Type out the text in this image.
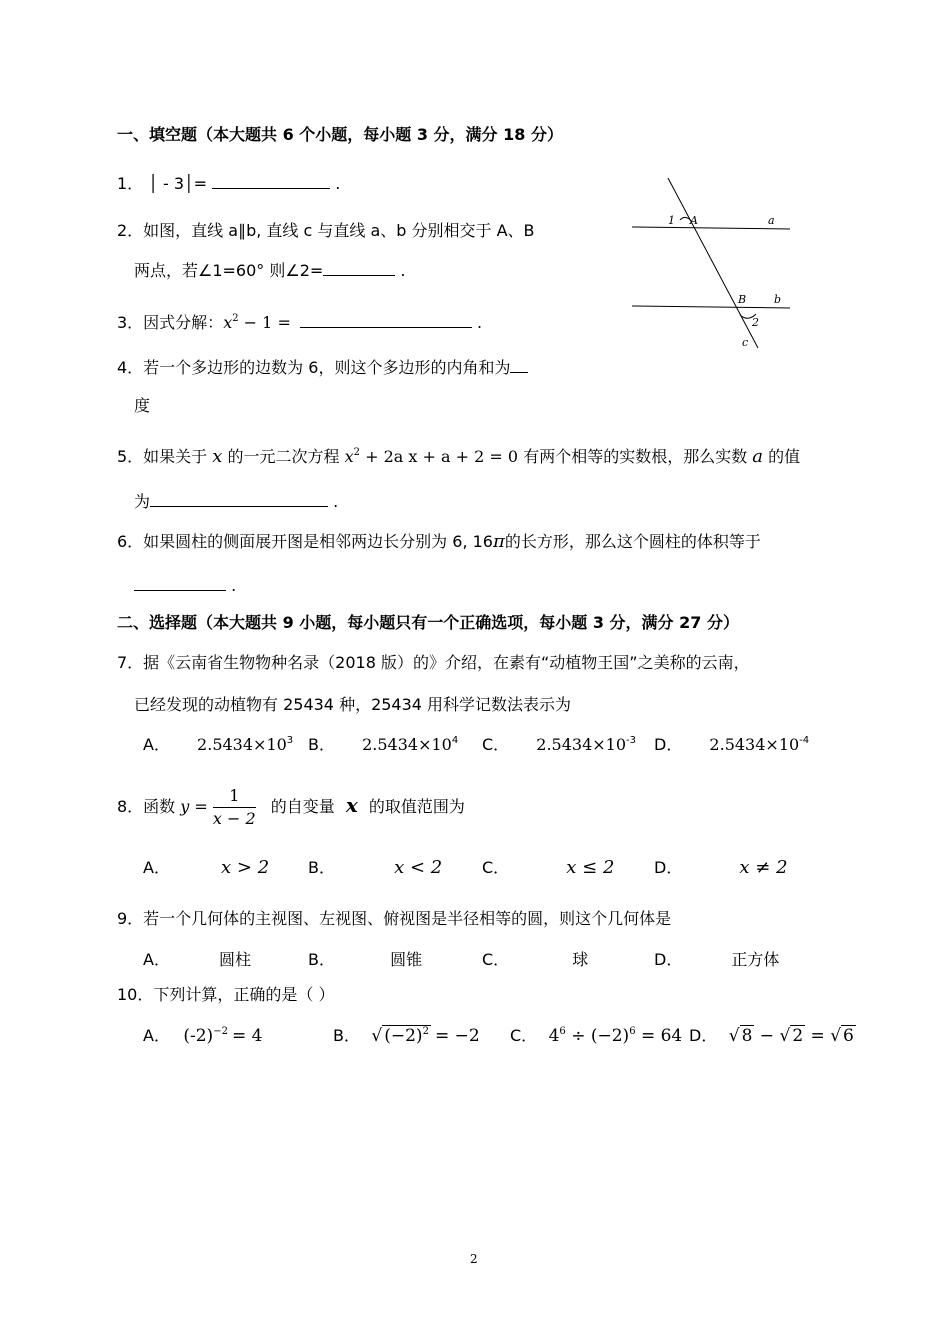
一、填空题（本大题共 6 个小题，每小题 3 分，满分 18 分）
1． │ - 3│=	.
2．如图，直线 a∥b, 直线 c 与直线 a、b 分别相交于 A、B
两点，若∠1=60° 则∠2=	.
1 A	a
B	b
2
c
3．因式分解：$x^2 - 1$ =	.
4．若一个多边形的边数为 6，则这个多边形的内角和为
度
5．如果关于 x 的一元二次方程 $x^2 + 2a$ x + a + 2 = 0 有两个相等的实数根，那么实数 a 的值
为	.
6．如果圆柱的侧面展开图是相邻两边长分别为 6, 16π的长方形，那么这个圆柱的体积等于
.
二、选择题（本大题共 9 小题，每小题只有一个正确选项，每小题 3 分，满分 27 分）
7．据《云南省生物物种名录（2018 版）的》介绍，在素有“动植物王国”之美称的云南，
已经发现的动植物有 25434 种，25434 用科学记数法表示为
A． $2.5434\times 10^3$ B． $2.5434\times 10^4$ C． $2.5434\times 10^{-3}$ D． $2.5434\times 10^{-4}$
8．函数 $y = \frac{1}{x - 2}$ 的自变量 x 的取值范围为
A．	x > 2 B．	x < 2 C．	x ≤ 2 D．	x ≠ 2
9．若一个几何体的主视图、左视图、俯视图是半径相等的圆，则这个几何体是
A．	圆柱	B．	圆锥	C．	球	D．	正方体
10．下列计算，正确的是（ ）
A． $(-2)^{-2} = 4$	B． √ $(-2)^2 = -2$ C． $4^6 \div (-2)^6 = 64$ D． √ 8 − √ 2 = √ 6
2
